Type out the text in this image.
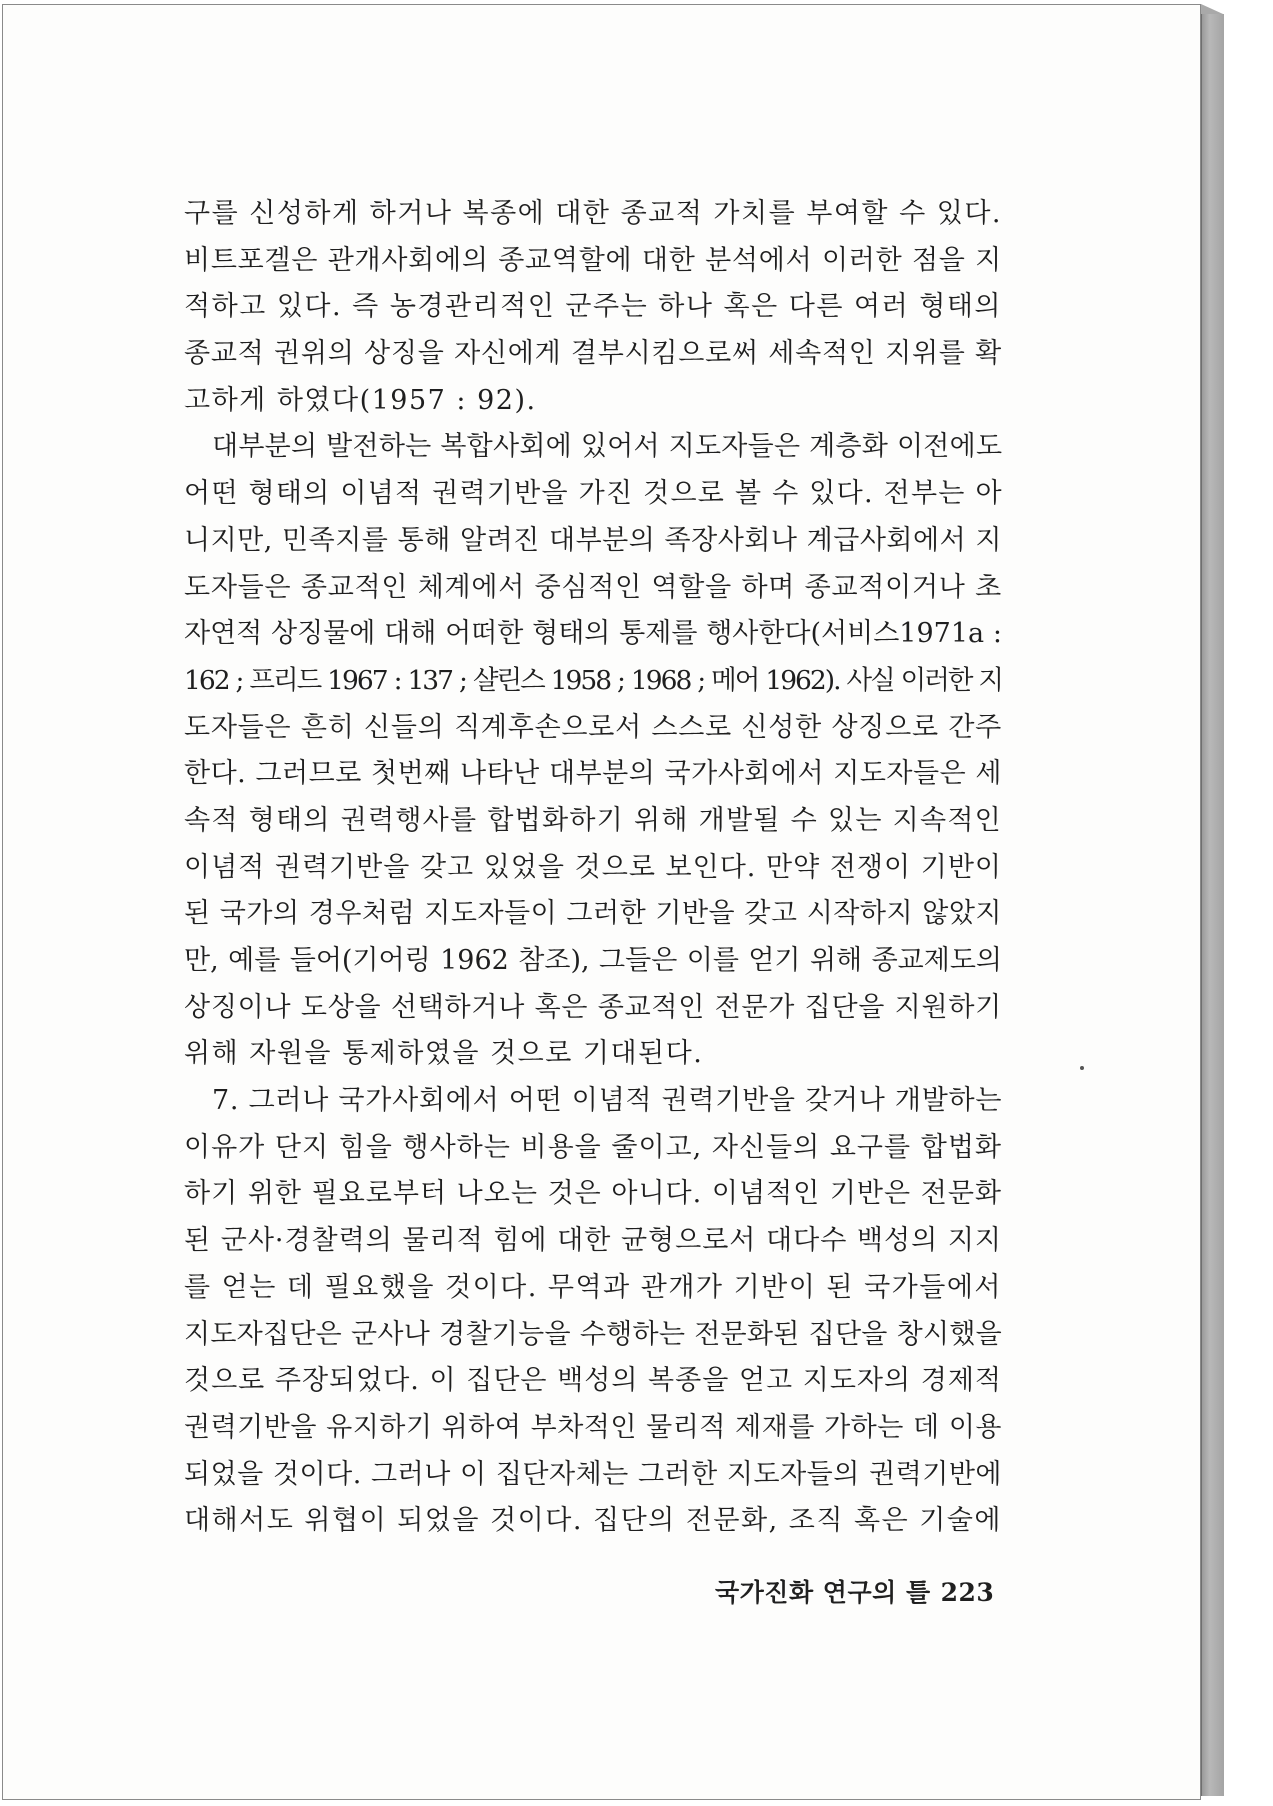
구를 신성하게 하거나 복종에 대한 종교적 가치를 부여할 수 있다.
비트포겔은 관개사회에의 종교역할에 대한 분석에서 이러한 점을 지
적하고 있다. 즉 농경관리적인 군주는 하나 혹은 다른 여러 형태의
종교적 권위의 상징을 자신에게 결부시킴으로써 세속적인 지위를 확
고하게 하였다(1957 : 92).
대부분의 발전하는 복합사회에 있어서 지도자들은 계층화 이전에도
어떤 형태의 이념적 권력기반을 가진 것으로 볼 수 있다. 전부는 아
니지만, 민족지를 통해 알려진 대부분의 족장사회나 계급사회에서 지
도자들은 종교적인 체계에서 중심적인 역할을 하며 종교적이거나 초
자연적 상징물에 대해 어떠한 형태의 통제를 행사한다(서비스1971a :
162 ; 프리드 1967 : 137 ; 샬린스 1958 ; 1968 ; 메어 1962). 사실 이러한 지
도자들은 흔히 신들의 직계후손으로서 스스로 신성한 상징으로 간주
한다. 그러므로 첫번째 나타난 대부분의 국가사회에서 지도자들은 세
속적 형태의 권력행사를 합법화하기 위해 개발될 수 있는 지속적인
이념적 권력기반을 갖고 있었을 것으로 보인다. 만약 전쟁이 기반이
된 국가의 경우처럼 지도자들이 그러한 기반을 갖고 시작하지 않았지
만, 예를 들어(기어링 1962 참조), 그들은 이를 얻기 위해 종교제도의
상징이나 도상을 선택하거나 혹은 종교적인 전문가 집단을 지원하기
위해 자원을 통제하였을 것으로 기대된다.
7. 그러나 국가사회에서 어떤 이념적 권력기반을 갖거나 개발하는
이유가 단지 힘을 행사하는 비용을 줄이고, 자신들의 요구를 합법화
하기 위한 필요로부터 나오는 것은 아니다. 이념적인 기반은 전문화
된 군사·경찰력의 물리적 힘에 대한 균형으로서 대다수 백성의 지지
를 얻는 데 필요했을 것이다. 무역과 관개가 기반이 된 국가들에서
지도자집단은 군사나 경찰기능을 수행하는 전문화된 집단을 창시했을
것으로 주장되었다. 이 집단은 백성의 복종을 얻고 지도자의 경제적
권력기반을 유지하기 위하여 부차적인 물리적 제재를 가하는 데 이용
되었을 것이다. 그러나 이 집단자체는 그러한 지도자들의 권력기반에
대해서도 위협이 되었을 것이다. 집단의 전문화, 조직 혹은 기술에
국가진화 연구의 틀 223
